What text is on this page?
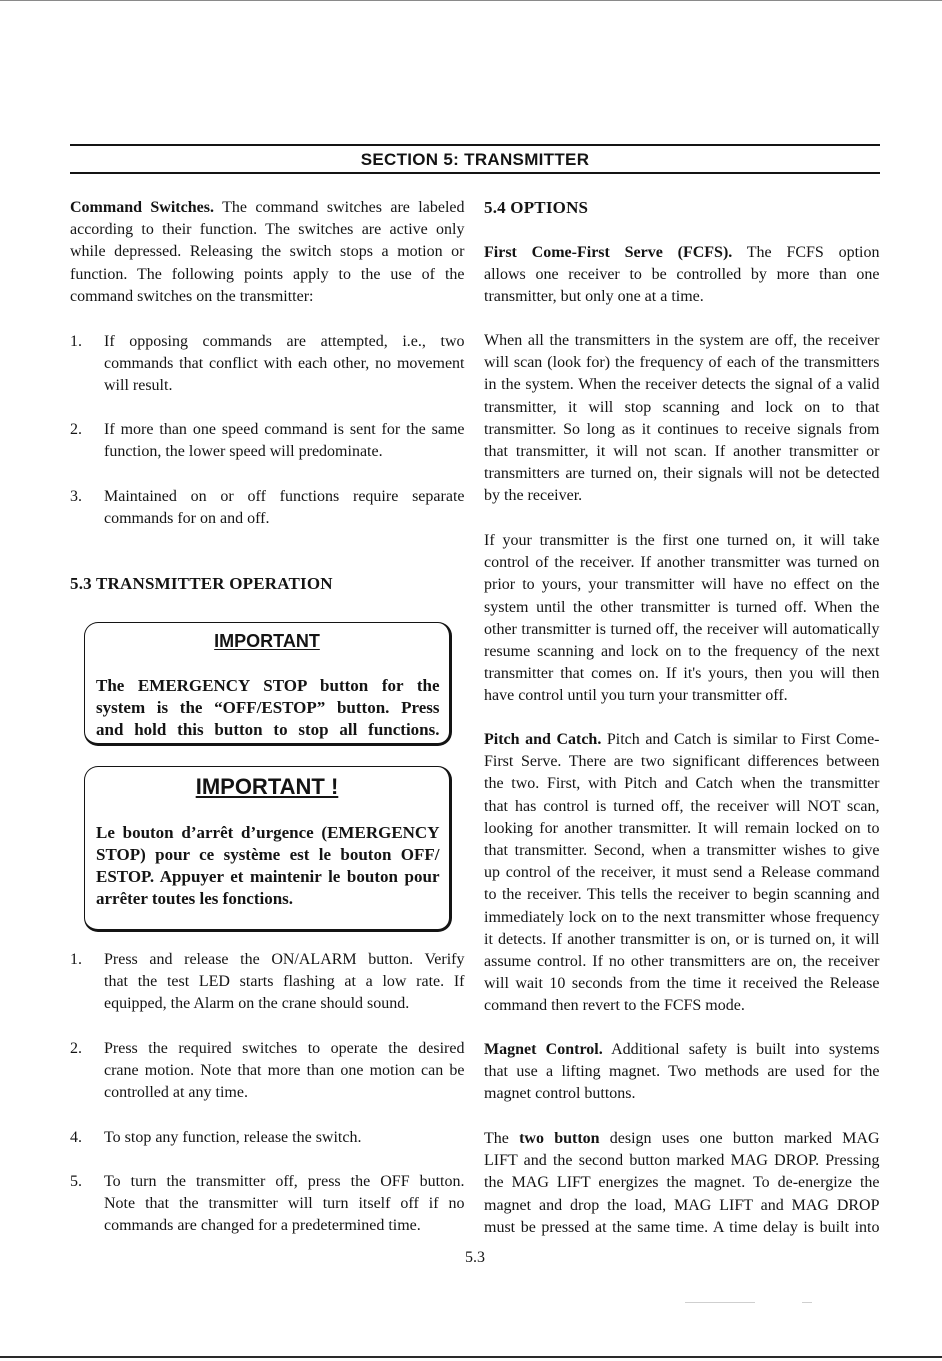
SECTION 5: TRANSMITTER
Command Switches. The command switches are labeled
according to their function. The switches are active only
while depressed. Releasing the switch stops a motion or
function. The following points apply to the use of the
command switches on the transmitter:
1. If opposing commands are attempted, i.e., two
commands that conflict with each other, no movement
will result.
2. If more than one speed command is sent for the same
function, the lower speed will predominate.
3. Maintained on or off functions require separate
commands for on and off.
5.3 TRANSMITTER OPERATION
IMPORTANT
The EMERGENCY STOP button for the
system is the “OFF/ESTOP” button. Press
and hold this button to stop all functions.
IMPORTANT !
Le bouton d’arrêt d’urgence (EMERGENCY
STOP) pour ce système est le bouton OFF/
ESTOP. Appuyer et maintenir le bouton pour
arrêter toutes les fonctions.
1. Press and release the ON/ALARM button. Verify
that the test LED starts flashing at a low rate. If
equipped, the Alarm on the crane should sound.
2. Press the required switches to operate the desired
crane motion. Note that more than one motion can be
controlled at any time.
4. To stop any function, release the switch.
5. To turn the transmitter off, press the OFF button.
Note that the transmitter will turn itself off if no
commands are changed for a predetermined time.
5.4 OPTIONS
First Come-First Serve (FCFS). The FCFS option
allows one receiver to be controlled by more than one
transmitter, but only one at a time.
When all the transmitters in the system are off, the receiver
will scan (look for) the frequency of each of the transmitters
in the system. When the receiver detects the signal of a valid
transmitter, it will stop scanning and lock on to that
transmitter. So long as it continues to receive signals from
that transmitter, it will not scan. If another transmitter or
transmitters are turned on, their signals will not be detected
by the receiver.
If your transmitter is the first one turned on, it will take
control of the receiver. If another transmitter was turned on
prior to yours, your transmitter will have no effect on the
system until the other transmitter is turned off. When the
other transmitter is turned off, the receiver will automatically
resume scanning and lock on to the frequency of the next
transmitter that comes on. If it's yours, then you will then
have control until you turn your transmitter off.
Pitch and Catch. Pitch and Catch is similar to First Come-
First Serve. There are two significant differences between
the two. First, with Pitch and Catch when the transmitter
that has control is turned off, the receiver will NOT scan,
looking for another transmitter. It will remain locked on to
that transmitter. Second, when a transmitter wishes to give
up control of the receiver, it must send a Release command
to the receiver. This tells the receiver to begin scanning and
immediately lock on to the next transmitter whose frequency
it detects. If another transmitter is on, or is turned on, it will
assume control. If no other transmitters are on, the receiver
will wait 10 seconds from the time it received the Release
command then revert to the FCFS mode.
Magnet Control. Additional safety is built into systems
that use a lifting magnet. Two methods are used for the
magnet control buttons.
The two button design uses one button marked MAG
LIFT and the second button marked MAG DROP. Pressing
the MAG LIFT energizes the magnet. To de-energize the
magnet and drop the load, MAG LIFT and MAG DROP
must be pressed at the same time. A time delay is built into
5.3
